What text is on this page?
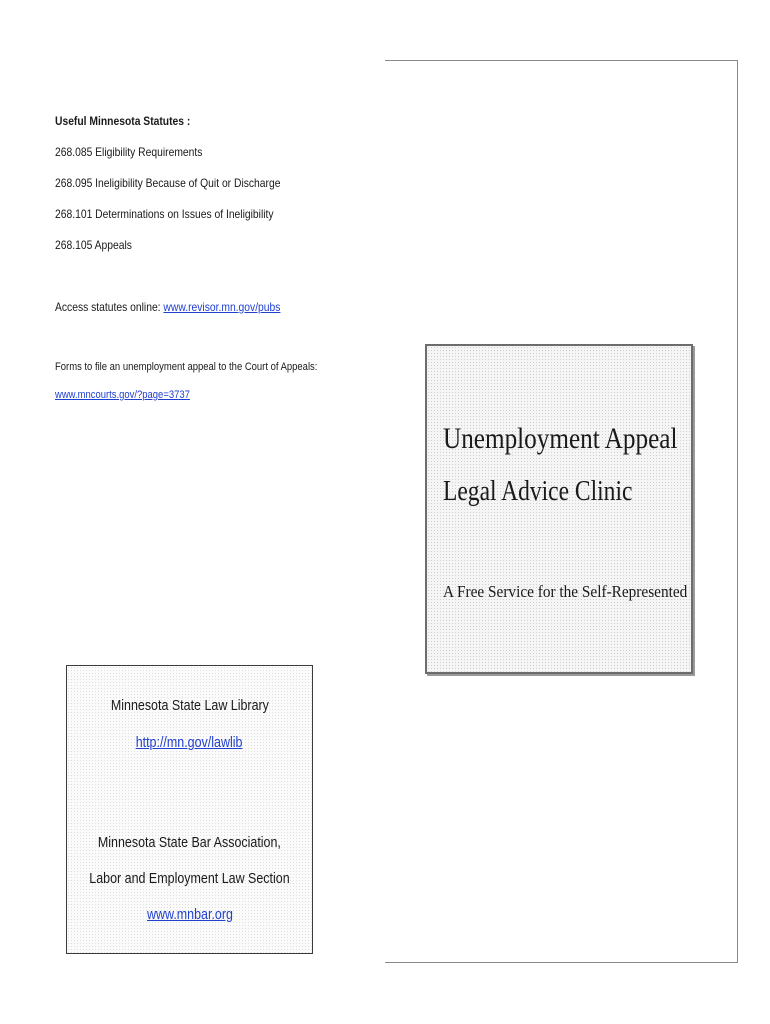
Useful Minnesota Statutes :
268.085 Eligibility Requirements
268.095 Ineligibility Because of Quit or Discharge
268.101 Determinations on Issues of Ineligibility
268.105 Appeals
Access statutes online: www.revisor.mn.gov/pubs
Forms to file an unemployment appeal to the Court of Appeals:
www.mncourts.gov/?page=3737
Unemployment Appeal
Legal Advice Clinic
A Free Service for the Self-Represented
Minnesota State Law Library
http://mn.gov/lawlib
Minnesota State Bar Association,
Labor and Employment Law Section
www.mnbar.org
